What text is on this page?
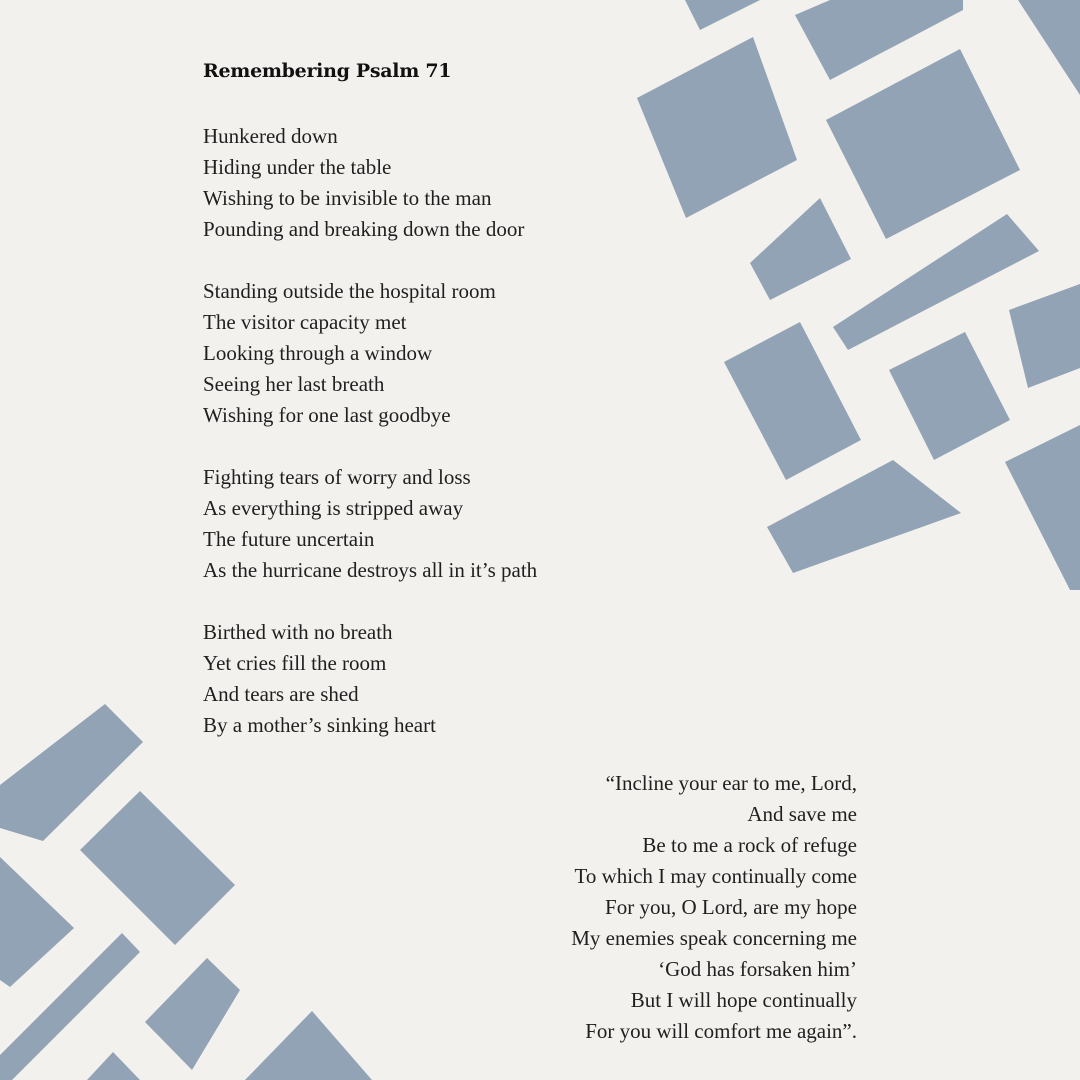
Remembering Psalm 71
Hunkered down
Hiding under the table
Wishing to be invisible to the man
Pounding and breaking down the door
Standing outside the hospital room
The visitor capacity met
Looking through a window
Seeing her last breath
Wishing for one last goodbye
Fighting tears of worry and loss
As everything is stripped away
The future uncertain
As the hurricane destroys all in it’s path
Birthed with no breath
Yet cries fill the room
And tears are shed
By a mother’s sinking heart
“Incline your ear to me, Lord,
And save me
Be to me a rock of refuge
To which I may continually come
For you, O Lord, are my hope
My enemies speak concerning me
‘God has forsaken him’
But I will hope continually
For you will comfort me again”.
